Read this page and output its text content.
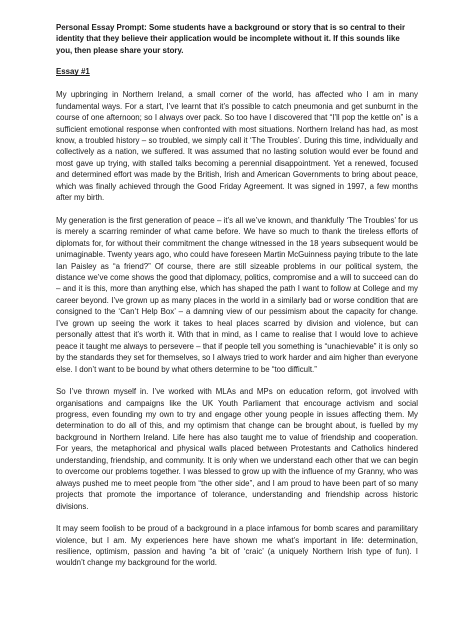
Personal Essay Prompt: Some students have a background or story that is so central to their identity that they believe their application would be incomplete without it. If this sounds like you, then please share your story.

Essay #1

My upbringing in Northern Ireland, a small corner of the world, has affected who I am in many fundamental ways. For a start, I’ve learnt that it’s possible to catch pneumonia and get sunburnt in the course of one afternoon; so I always over pack. So too have I discovered that “I’ll pop the kettle on” is a sufficient emotional response when confronted with most situations. Northern Ireland has had, as most know, a troubled history – so troubled, we simply call it ‘The Troubles’. During this time, individually and collectively as a nation, we suffered. It was assumed that no lasting solution would ever be found and most gave up trying, with stalled talks becoming a perennial disappointment. Yet a renewed, focused and determined effort was made by the British, Irish and American Governments to bring about peace, which was finally achieved through the Good Friday Agreement. It was signed in 1997, a few months after my birth.

My generation is the first generation of peace – it’s all we’ve known, and thankfully ‘The Troubles’ for us is merely a scarring reminder of what came before. We have so much to thank the tireless efforts of diplomats for, for without their commitment the change witnessed in the 18 years subsequent would be unimaginable. Twenty years ago, who could have foreseen Martin McGuinness paying tribute to the late Ian Paisley as “a friend?” Of course, there are still sizeable problems in our political system, the distance we’ve come shows the good that diplomacy, politics, compromise and a will to succeed can do – and it is this, more than anything else, which has shaped the path I want to follow at College and my career beyond. I’ve grown up as many places in the world in a similarly bad or worse condition that are consigned to the ‘Can’t Help Box’ – a damning view of our pessimism about the capacity for change. I’ve grown up seeing the work it takes to heal places scarred by division and violence, but can personally attest that it’s worth it. With that in mind, as I came to realise that I would love to achieve peace it taught me always to persevere – that if people tell you something is “unachievable” it is only so by the standards they set for themselves, so I always tried to work harder and aim higher than everyone else. I don’t want to be bound by what others determine to be “too difficult.”

So I’ve thrown myself in. I’ve worked with MLAs and MPs on education reform, got involved with organisations and campaigns like the UK Youth Parliament that encourage activism and social progress, even founding my own to try and engage other young people in issues affecting them. My determination to do all of this, and my optimism that change can be brought about, is fuelled by my background in Northern Ireland. Life here has also taught me to value of friendship and cooperation. For years, the metaphorical and physical walls placed between Protestants and Catholics hindered understanding, friendship, and community. It is only when we understand each other that we can begin to overcome our problems together. I was blessed to grow up with the influence of my Granny, who was always pushed me to meet people from “the other side”, and I am proud to have been part of so many projects that promote the importance of tolerance, understanding and friendship across historic divisions.

It may seem foolish to be proud of a background in a place infamous for bomb scares and paramilitary violence, but I am. My experiences here have shown me what’s important in life: determination, resilience, optimism, passion and having “a bit of ‘craic’ (a uniquely Northern Irish type of fun). I wouldn’t change my background for the world.
